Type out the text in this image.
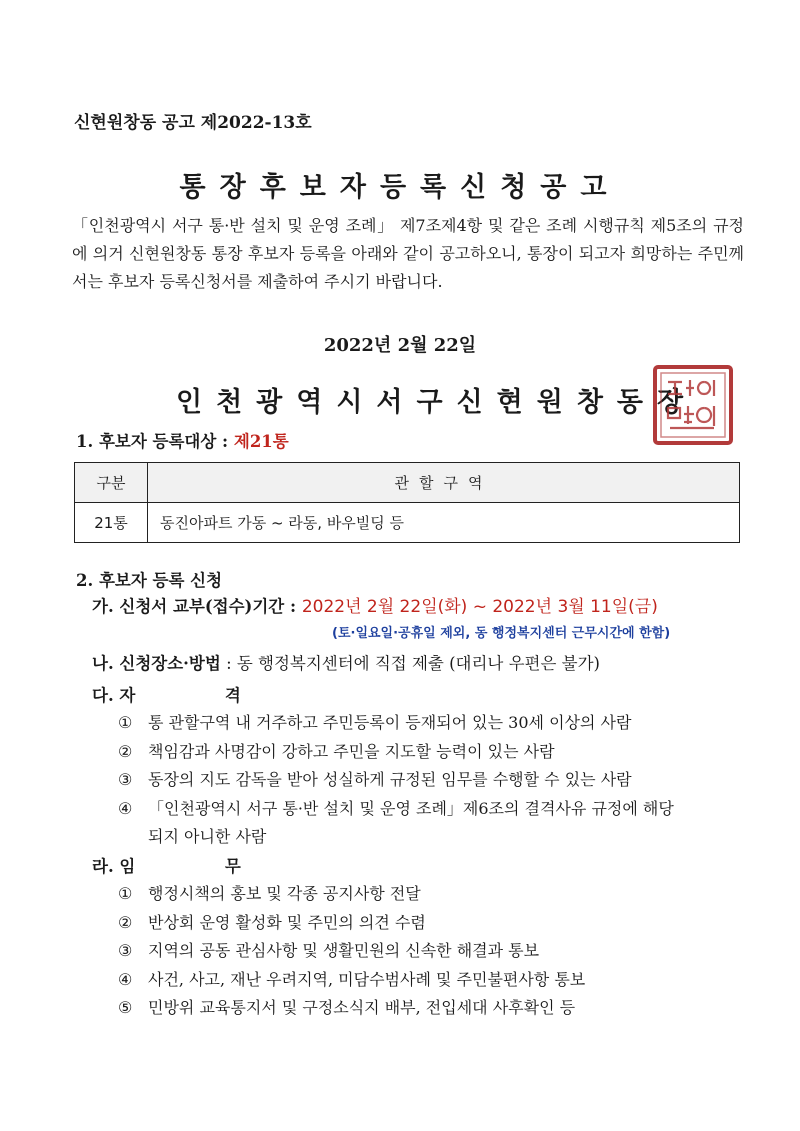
신현원창동 공고 제2022-13호
통장후보자등록신청공고
「인천광역시 서구 통·반 설치 및 운영 조례」 제7조제4항 및 같은 조례 시행규칙 제5조의 규정에 의거 신현원창동 통장 후보자 등록을 아래와 같이 공고하오니, 통장이 되고자 희망하는 주민께서는 후보자 등록신청서를 제출하여 주시기 바랍니다.
2022년 2월 22일
인천광역시서구신현원창동장
1. 후보자 등록대상 : 제21통
구분	관할구역
21통	동진아파트 가동 ~ 라동, 바우빌딩 등
2. 후보자 등록 신청
가. 신청서 교부(접수)기간 : 2022년 2월 22일(화) ~ 2022년 3월 11일(금)
(토·일요일·공휴일 제외, 동 행정복지센터 근무시간에 한함)
나. 신청장소·방법 : 동 행정복지센터에 직접 제출 (대리나 우편은 불가)
다. 자	격
① 통 관할구역 내 거주하고 주민등록이 등재되어 있는 30세 이상의 사람
② 책임감과 사명감이 강하고 주민을 지도할 능력이 있는 사람
③ 동장의 지도 감독을 받아 성실하게 규정된 임무를 수행할 수 있는 사람
④ 「인천광역시 서구 통·반 설치 및 운영 조례」제6조의 결격사유 규정에 해당
되지 아니한 사람
라. 임	무
① 행정시책의 홍보 및 각종 공지사항 전달
② 반상회 운영 활성화 및 주민의 의견 수렴
③ 지역의 공동 관심사항 및 생활민원의 신속한 해결과 통보
④ 사건, 사고, 재난 우려지역, 미담수범사례 및 주민불편사항 통보
⑤ 민방위 교육통지서 및 구정소식지 배부, 전입세대 사후확인 등
